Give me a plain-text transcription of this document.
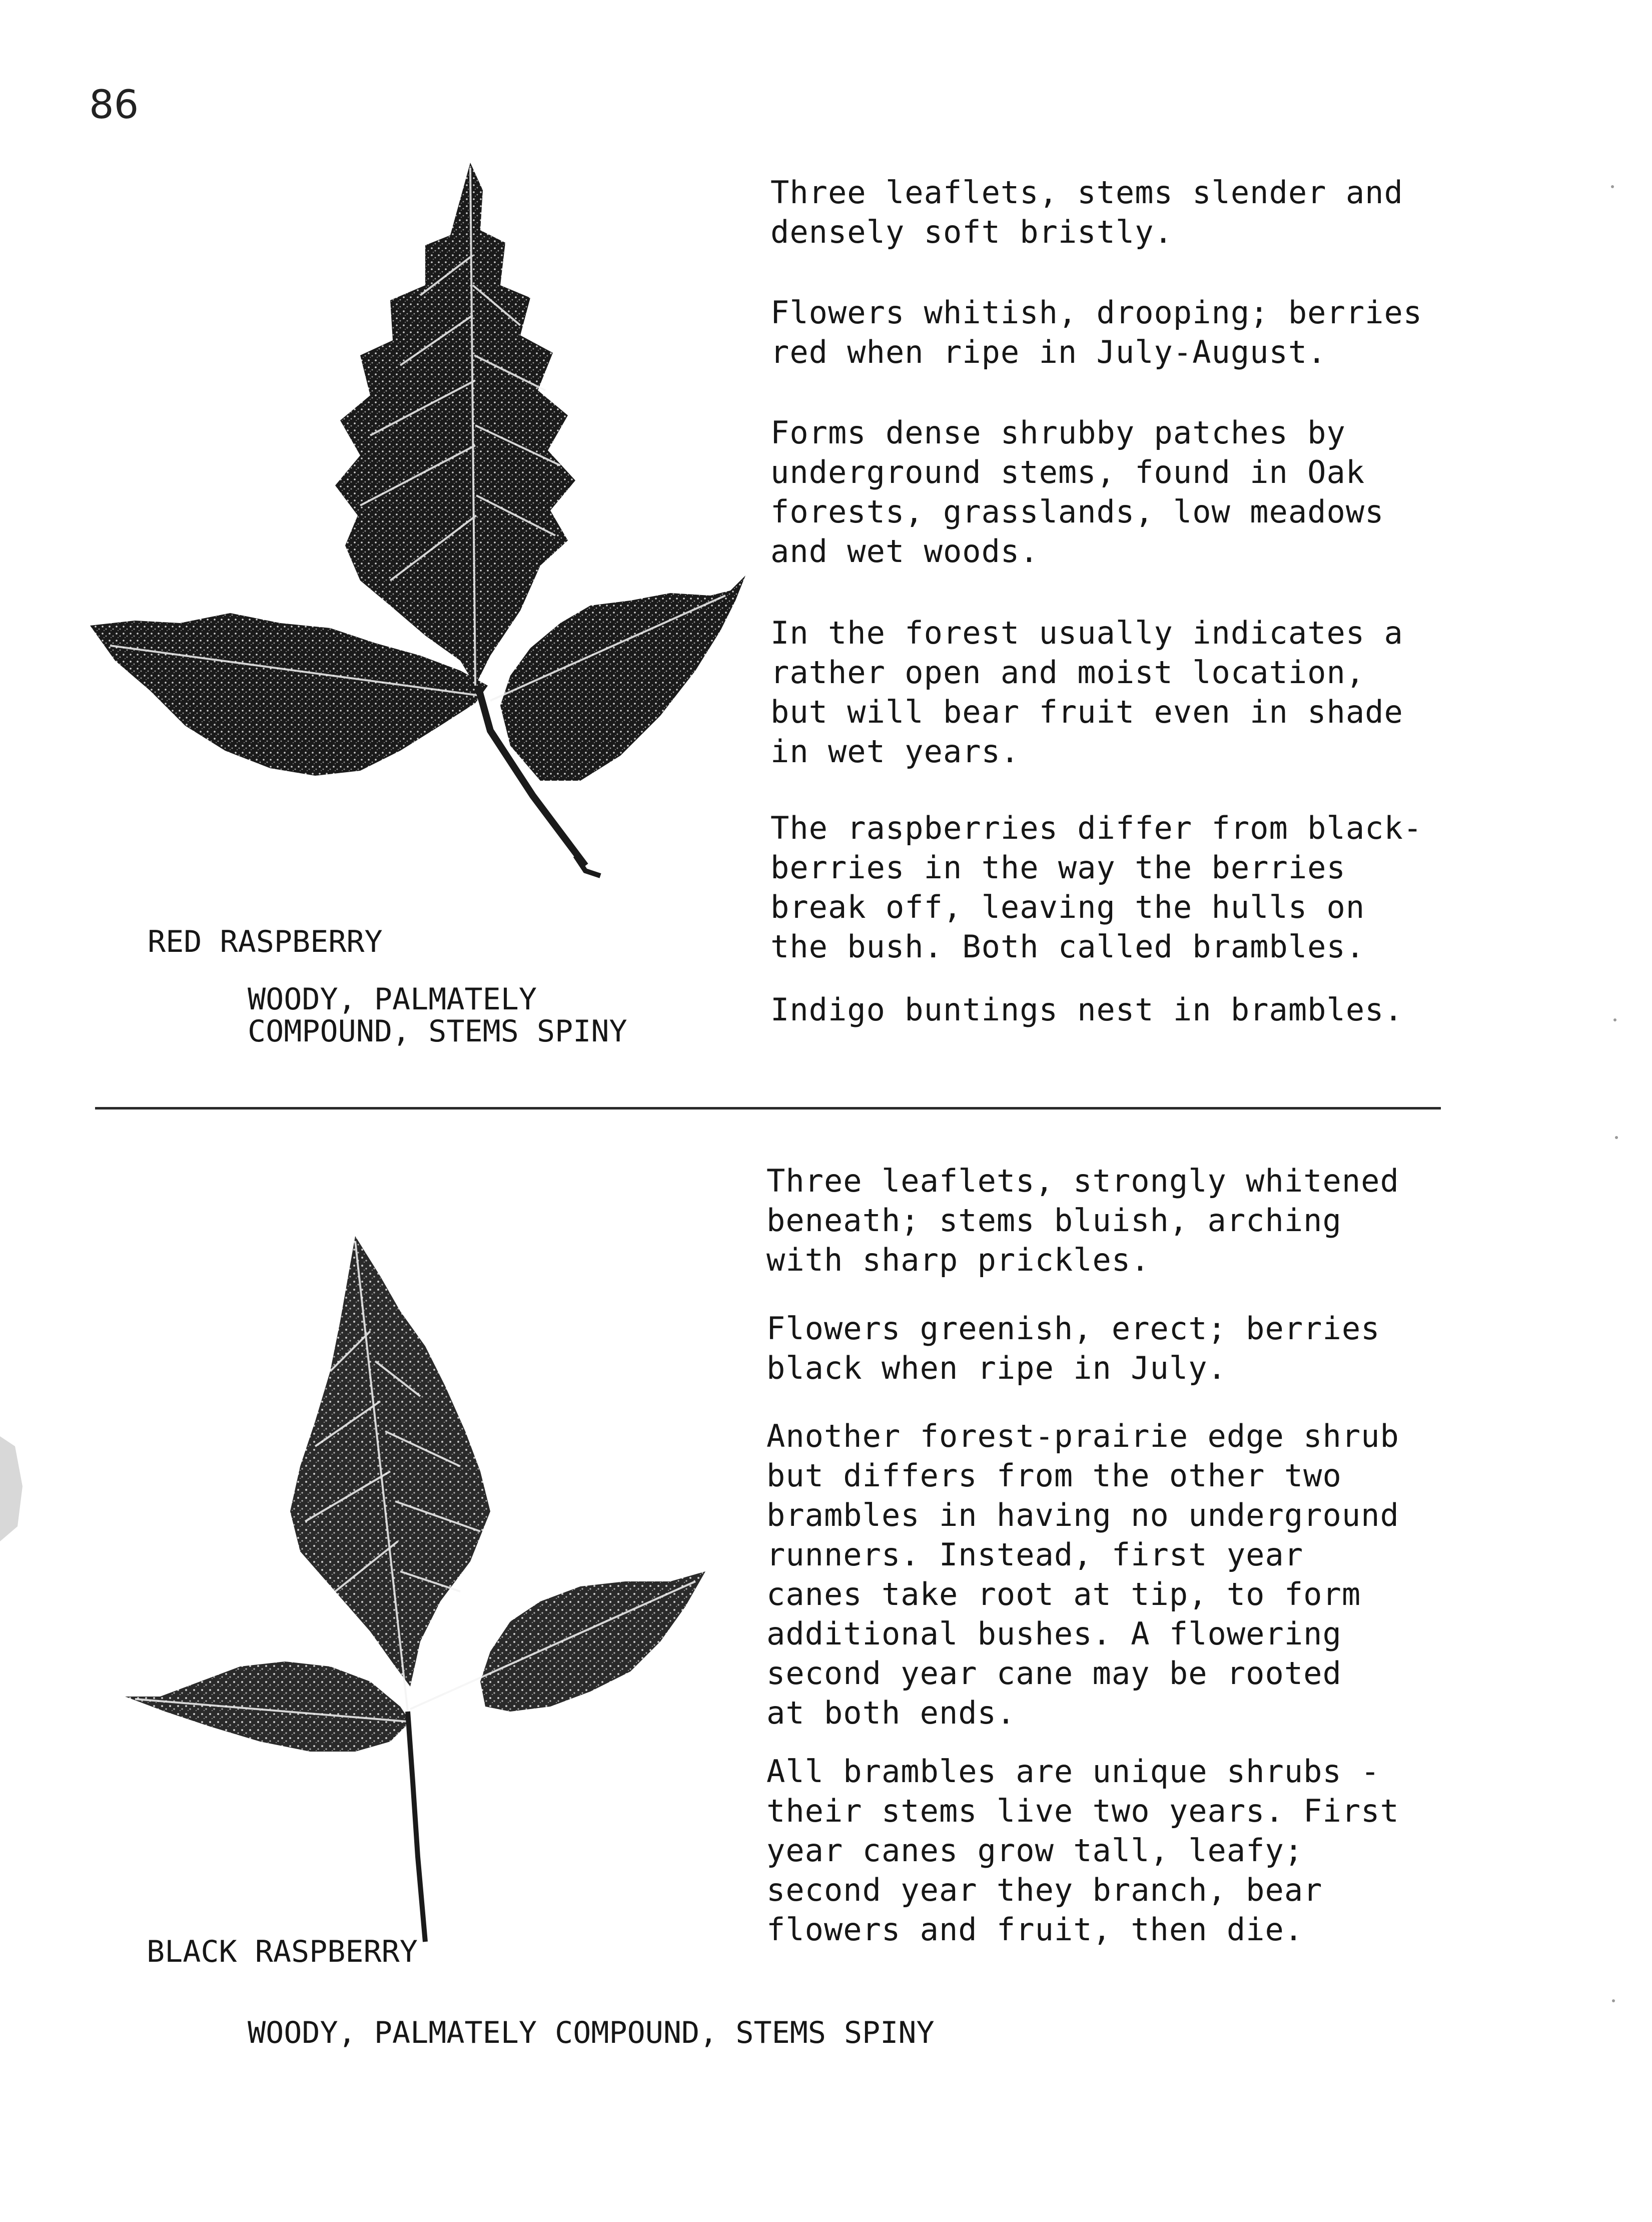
86

Three leaflets, stems slender and
densely soft bristly.

Flowers whitish, drooping; berries
red when ripe in July-August.

Forms dense shrubby patches by
underground stems, found in Oak
forests, grasslands, low meadows
and wet woods.

In the forest usually indicates a
rather open and moist location,
but will bear fruit even in shade
in wet years.

The raspberries differ from black-
berries in the way the berries
break off, leaving the hulls on
the bush. Both called brambles.

Indigo buntings nest in brambles.

RED RASPBERRY
WOODY, PALMATELY
COMPOUND, STEMS SPINY

Three leaflets, strongly whitened
beneath; stems bluish, arching
with sharp prickles.

Flowers greenish, erect; berries
black when ripe in July.

Another forest-prairie edge shrub
but differs from the other two
brambles in having no underground
runners. Instead, first year
canes take root at tip, to form
additional bushes. A flowering
second year cane may be rooted
at both ends.

All brambles are unique shrubs -
their stems live two years. First
year canes grow tall, leafy;
second year they branch, bear
flowers and fruit, then die.

BLACK RASPBERRY
WOODY, PALMATELY COMPOUND, STEMS SPINY
